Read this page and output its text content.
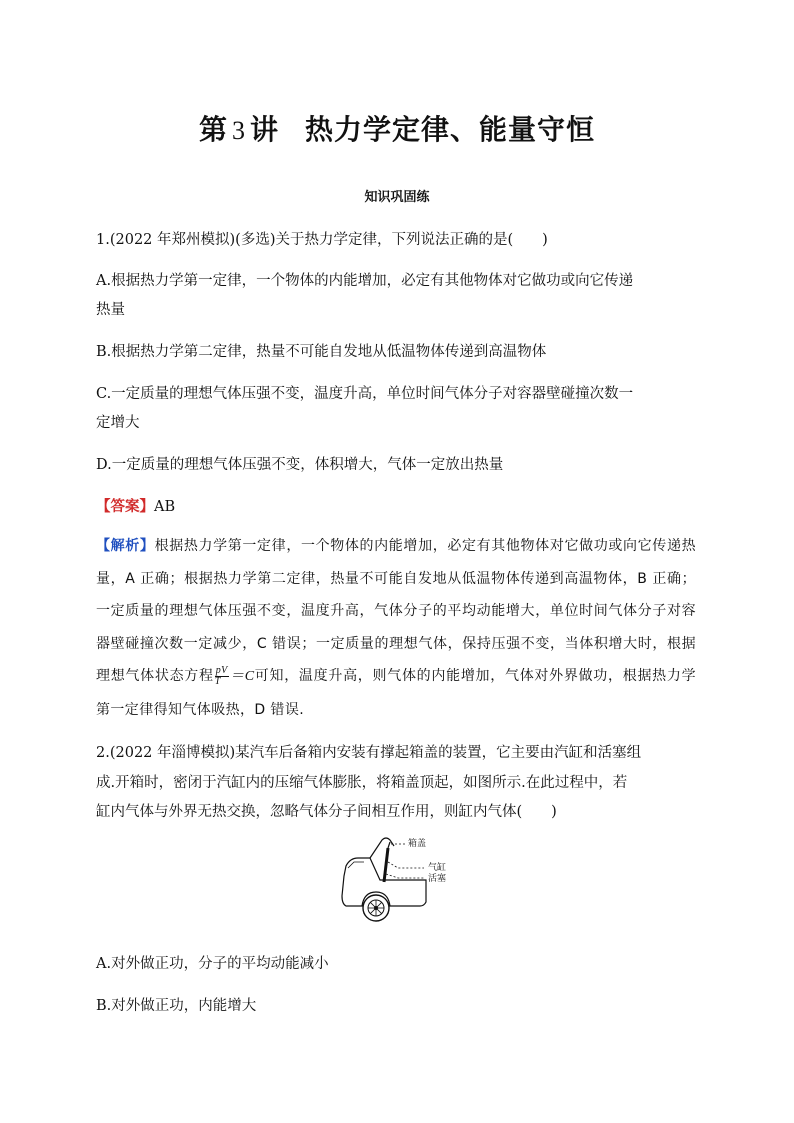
第 3 讲 热力学定律、能量守恒
知识巩固练
1.(2022 年郑州模拟)(多选)关于热力学定律，下列说法正确的是(　　)
A.根据热力学第一定律，一个物体的内能增加，必定有其他物体对它做功或向它传递
热量
B.根据热力学第二定律，热量不可能自发地从低温物体传递到高温物体
C.一定质量的理想气体压强不变，温度升高，单位时间气体分子对容器壁碰撞次数一
定增大
D.一定质量的理想气体压强不变，体积增大，气体一定放出热量
【答案】AB
【解析】根据热力学第一定律，一个物体的内能增加，必定有其他物体对它做功或向它传递热量，A 正确；根据热力学第二定律，热量不可能自发地从低温物体传递到高温物体，B 正确；一定质量的理想气体压强不变，温度升高，气体分子的平均动能增大，单位时间气体分子对容器壁碰撞次数一定减少，C 错误；一定质量的理想气体，保持压强不变，当体积增大时，根据理想气体状态方程 $\frac{pV}{T} =C$可知，温度升高，则气体的内能增加，气体对外界做功，根据热力学第一定律得知气体吸热，D 错误.
2.(2022 年淄博模拟)某汽车后备箱内安装有撑起箱盖的装置，它主要由汽缸和活塞组
成.开箱时，密闭于汽缸内的压缩气体膨胀，将箱盖顶起，如图所示.在此过程中，若
缸内气体与外界无热交换，忽略气体分子间相互作用，则缸内气体(　　)
箱盖
气缸
活塞
A.对外做正功，分子的平均动能减小
B.对外做正功，内能增大
